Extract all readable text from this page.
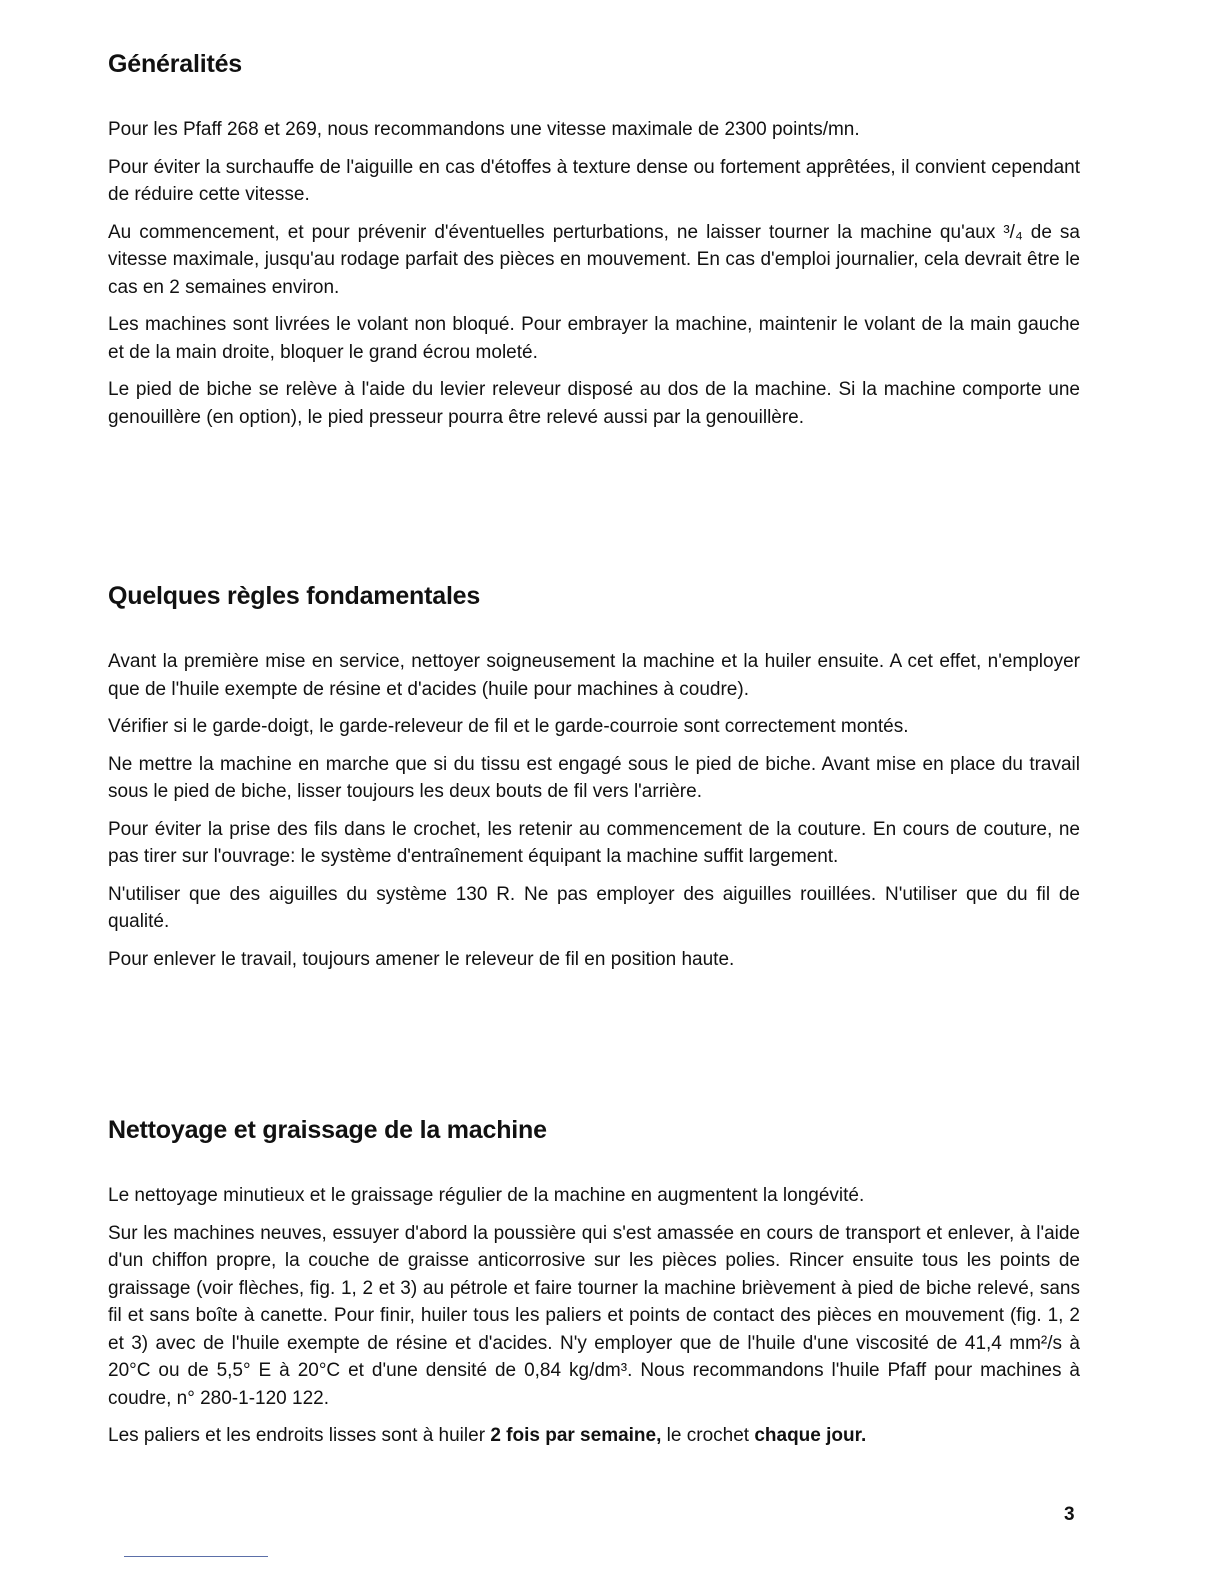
Généralités

Pour les Pfaff 268 et 269, nous recommandons une vitesse maximale de 2300 points/mn.

Pour éviter la surchauffe de l'aiguille en cas d'étoffes à texture dense ou fortement apprêtées, il convient cependant de réduire cette vitesse.

Au commencement, et pour prévenir d'éventuelles perturbations, ne laisser tourner la machine qu'aux ³/₄ de sa vitesse maximale, jusqu'au rodage parfait des pièces en mouvement. En cas d'emploi journalier, cela devrait être le cas en 2 semaines environ.

Les machines sont livrées le volant non bloqué. Pour embrayer la machine, maintenir le volant de la main gauche et de la main droite, bloquer le grand écrou moleté.

Le pied de biche se relève à l'aide du levier releveur disposé au dos de la machine. Si la machine comporte une genouillère (en option), le pied presseur pourra être relevé aussi par la genouillère.

Quelques règles fondamentales

Avant la première mise en service, nettoyer soigneusement la machine et la huiler ensuite. A cet effet, n'employer que de l'huile exempte de résine et d'acides (huile pour machines à coudre).

Vérifier si le garde-doigt, le garde-releveur de fil et le garde-courroie sont correctement montés.

Ne mettre la machine en marche que si du tissu est engagé sous le pied de biche. Avant mise en place du travail sous le pied de biche, lisser toujours les deux bouts de fil vers l'arrière.

Pour éviter la prise des fils dans le crochet, les retenir au commencement de la couture. En cours de couture, ne pas tirer sur l'ouvrage: le système d'entraînement équipant la machine suffit largement.

N'utiliser que des aiguilles du système 130 R. Ne pas employer des aiguilles rouillées. N'utiliser que du fil de qualité.

Pour enlever le travail, toujours amener le releveur de fil en position haute.

Nettoyage et graissage de la machine

Le nettoyage minutieux et le graissage régulier de la machine en augmentent la longévité.

Sur les machines neuves, essuyer d'abord la poussière qui s'est amassée en cours de transport et enlever, à l'aide d'un chiffon propre, la couche de graisse anticorrosive sur les pièces polies. Rincer ensuite tous les points de graissage (voir flèches, fig. 1, 2 et 3) au pétrole et faire tourner la machine brièvement à pied de biche relevé, sans fil et sans boîte à canette. Pour finir, huiler tous les paliers et points de contact des pièces en mouvement (fig. 1, 2 et 3) avec de l'huile exempte de résine et d'acides. N'y employer que de l'huile d'une viscosité de 41,4 mm²/s à 20°C ou de 5,5° E à 20°C et d'une densité de 0,84 kg/dm³. Nous recommandons l'huile Pfaff pour machines à coudre, n° 280-1-120 122.

Les paliers et les endroits lisses sont à huiler 2 fois par semaine, le crochet chaque jour.

3
